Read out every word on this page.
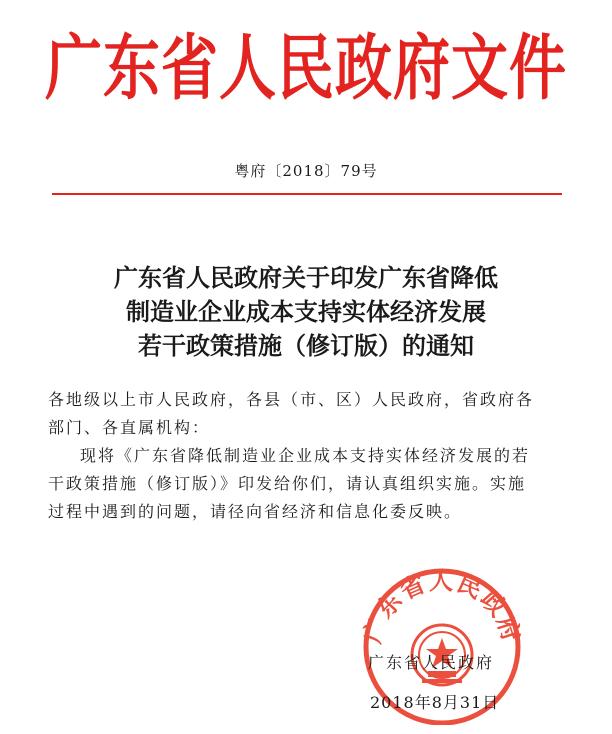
广东省人民政府文件
粤府〔2018〕79号
广东省人民政府关于印发广东省降低
制造业企业成本支持实体经济发展
若干政策措施（修订版）的通知

各地级以上市人民政府，各县（市、区）人民政府，省政府各

部门、各直属机构：

现将《广东省降低制造业企业成本支持实体经济发展的若

干政策措施（修订版）》印发给你们，请认真组织实施。实施

过程中遇到的问题，请径向省经济和信息化委反映。

广东省人民政府
广东省人民政府
2018年8月31日
